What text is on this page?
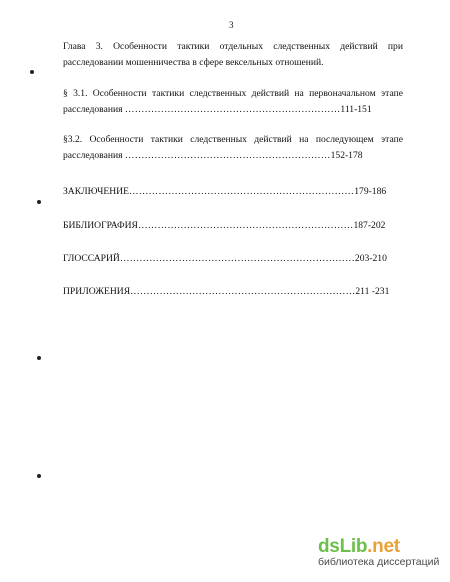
3
Глава 3. Особенности тактики отдельных следственных действий при
расследовании мошенничества в сфере вексельных отношений.
§ 3.1. Особенности тактики следственных действий на первоначальном этапе
расследования …………………………………………………………111-151
§3.2. Особенности тактики следственных действий на последующем этапе
расследования ………………………………………………………152-178
ЗАКЛЮЧЕНИЕ……………………………………………………………179-186
БИБЛИОГРАФИЯ…………………………………………………………187-202
ГЛОССАРИЙ………………………………………………………………203-210
ПРИЛОЖЕНИЯ……………………………………………………………211 -231
dsLib.net
библиотека диссертаций
